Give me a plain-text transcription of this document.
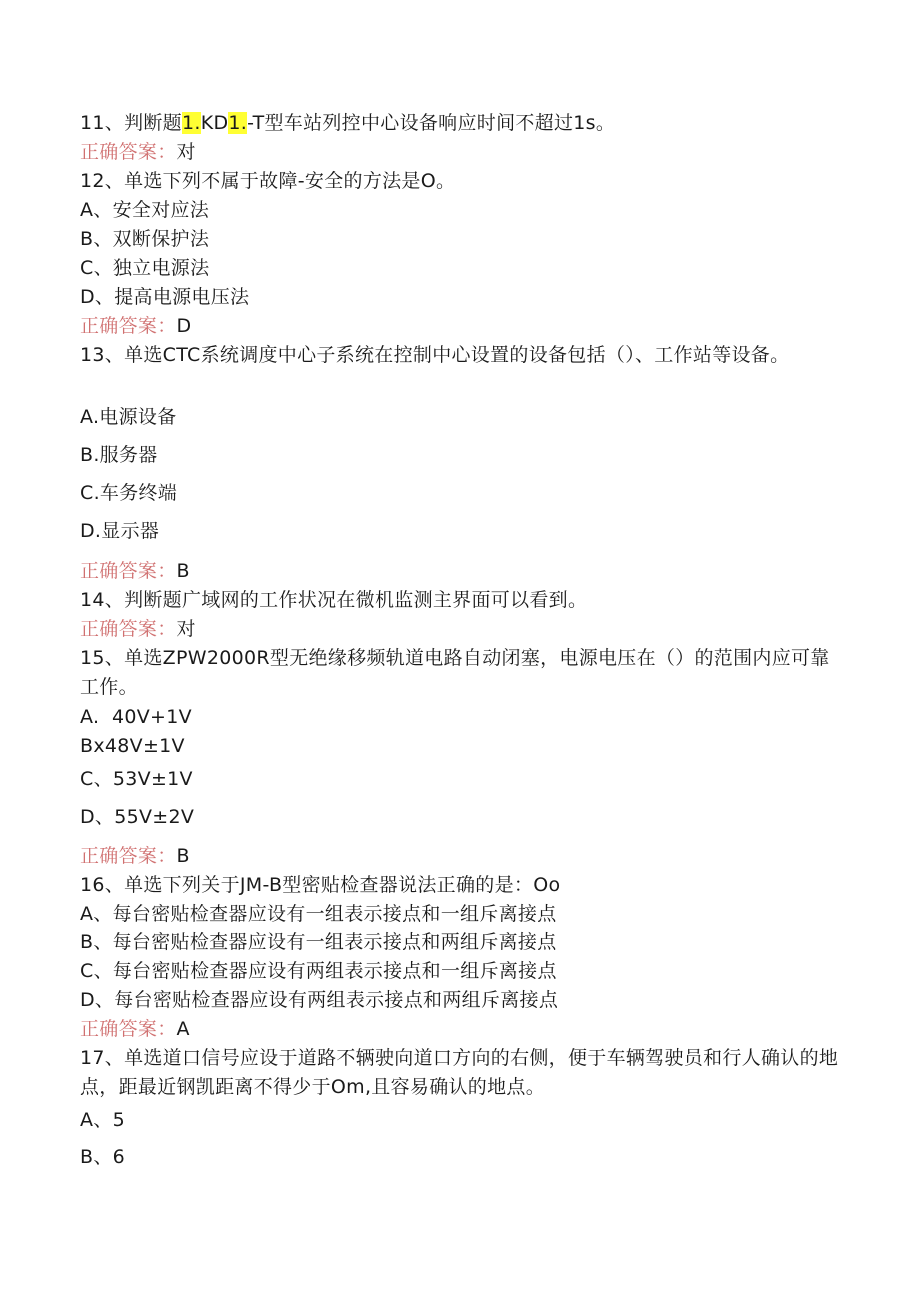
11、判断题1.KD1.-T型车站列控中心设备响应时间不超过1s。
正确答案：对
12、单选下列不属于故障-安全的方法是O。
A、安全对应法
B、双断保护法
C、独立电源法
D、提高电源电压法
正确答案：D
13、单选CTC系统调度中心子系统在控制中心设置的设备包括（）、工作站等设备。
A.电源设备
B.服务器
C.车务终端
D.显示器
正确答案：B
14、判断题广域网的工作状况在微机监测主界面可以看到。
正确答案：对
15、单选ZPW2000R型无绝缘移频轨道电路自动闭塞，电源电压在（）的范围内应可靠工作。
A.  40V+1V
Bx48V±1V
C、53V±1V
D、55V±2V
正确答案：B
16、单选下列关于JM-B型密贴检查器说法正确的是：Oo
A、每台密贴检查器应设有一组表示接点和一组斥离接点
B、每台密贴检查器应设有一组表示接点和两组斥离接点
C、每台密贴检查器应设有两组表示接点和一组斥离接点
D、每台密贴检查器应设有两组表示接点和两组斥离接点
正确答案：A
17、单选道口信号应设于道路不辆驶向道口方向的右侧，便于车辆驾驶员和行人确认的地点，距最近钢凯距离不得少于Om,且容易确认的地点。
A、5
B、6
